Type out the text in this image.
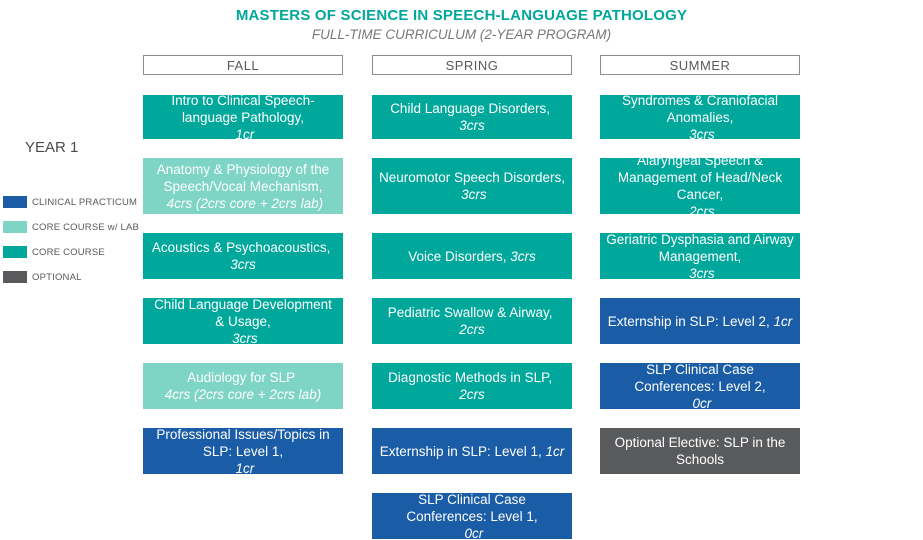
MASTERS OF SCIENCE IN SPEECH-LANGUAGE PATHOLOGY
FULL-TIME CURRICULUM (2-YEAR PROGRAM)
YEAR 1
CLINICAL PRACTICUM
CORE COURSE w/ LAB
CORE COURSE
OPTIONAL
FALL
Intro to Clinical Speech-language Pathology,

1cr
Anatomy & Physiology of the Speech/Vocal Mechanism,

4crs (2crs core + 2crs lab)
Acoustics & Psychoacoustics,

3crs
Child Language Development & Usage,

3crs
Audiology for SLP

4crs (2crs core + 2crs lab)
Professional Issues/Topics in SLP: Level 1,

1cr
SPRING
Child Language Disorders,

3crs
Neuromotor Speech Disorders,

3crs
Voice Disorders,
3crs
Pediatric Swallow & Airway,

2crs
Diagnostic Methods in SLP,

2crs
Externship in SLP: Level 1,
1cr
SLP Clinical Case Conferences: Level 1,

0cr
SUMMER
Syndromes & Craniofacial Anomalies,

3crs
Alaryngeal Speech & Management of Head/Neck Cancer,

2crs
Geriatric Dysphasia and Airway Management,

3crs
Externship in SLP: Level 2,
1cr
SLP Clinical Case Conferences: Level 2,

0cr
Optional Elective: SLP in the Schools
